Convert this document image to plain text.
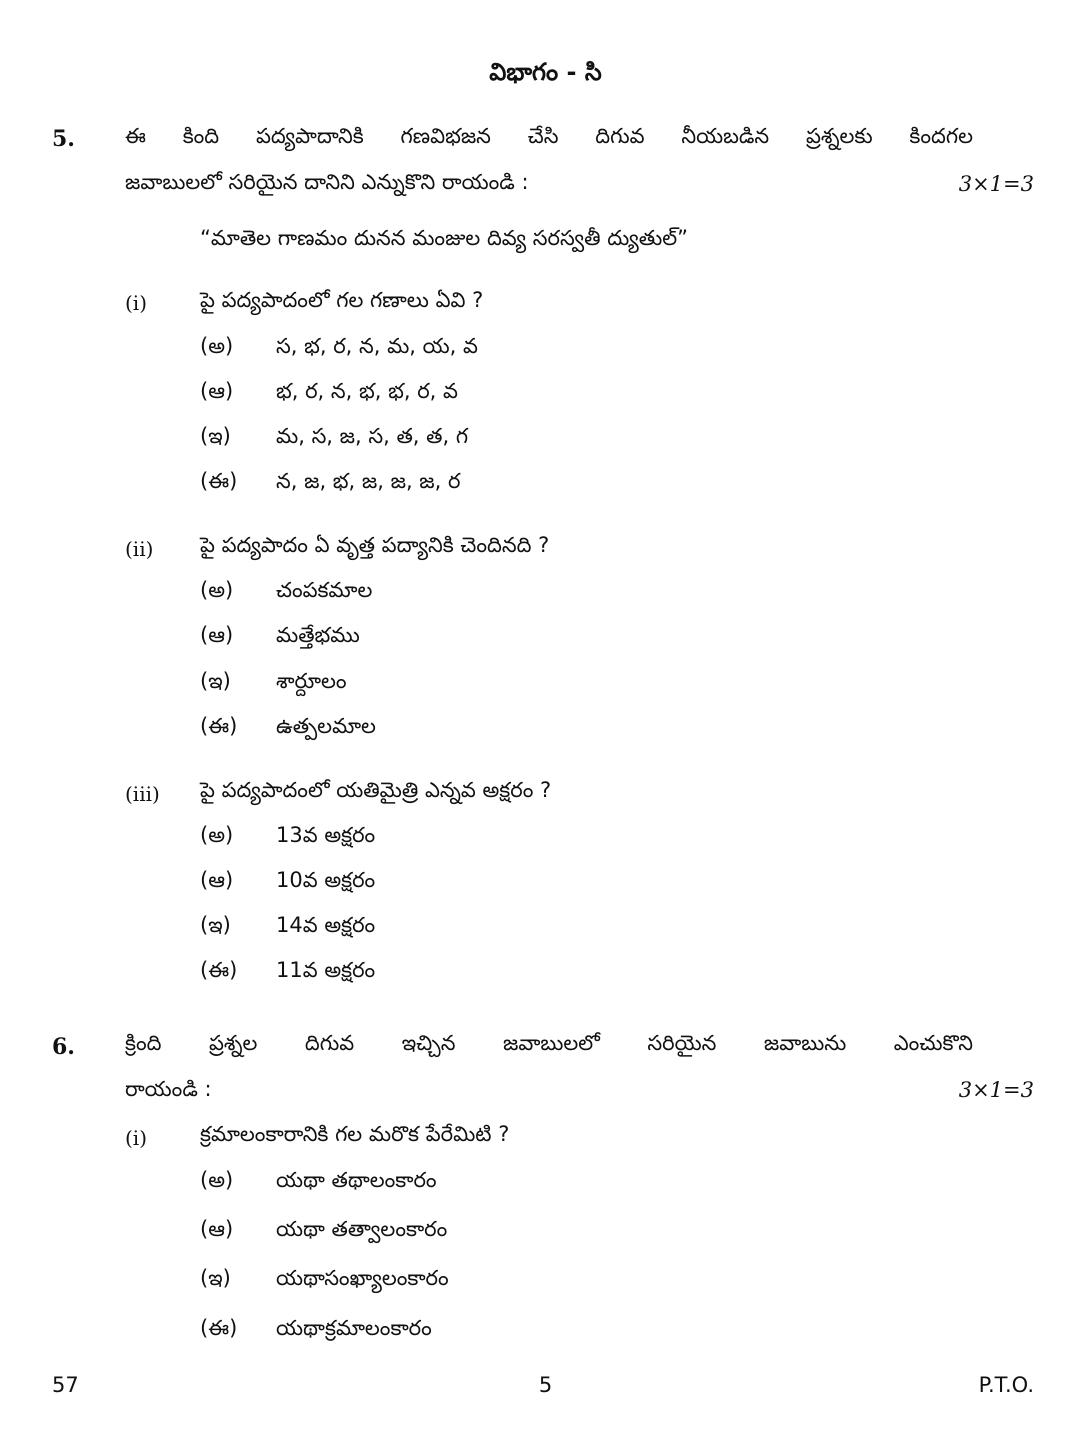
విభాగం - సి
5. ఈ కింది పద్యపాదానికి గణవిభజన చేసి దిగువ నీయబడిన ప్రశ్నలకు కిందగల
జవాబులలో సరియైన దానిని ఎన్నుకొని రాయండి :	3×1=3
“మాతెల గాణమం దునన మంజుల దివ్య సరస్వతీ ద్యుతుల్”
(i)	పై పద్యపాదంలో గల గణాలు ఏవి ?
(అ) స, భ, ర, న, మ, య, వ
(ఆ) భ, ర, న, భ, భ, ర, వ
(ఇ) మ, స, జ, స, త, త, గ
(ఈ) న, జ, భ, జ, జ, జ, ర
(ii) పై పద్యపాదం ఏ వృత్త పద్యానికి చెందినది ?
(అ) చంపకమాల
(ఆ) మత్తేభము
(ఇ) శార్దూలం
(ఈ) ఉత్పలమాల
(iii) పై పద్యపాదంలో యతిమైత్రి ఎన్నవ అక్షరం ?
(అ) 13వ అక్షరం
(ఆ) 10వ అక్షరం
(ఇ) 14వ అక్షరం
(ఈ) 11వ అక్షరం
6. క్రింది ప్రశ్నల దిగువ ఇచ్చిన జవాబులలో సరియైన జవాబును ఎంచుకొని
రాయండి :	3×1=3
(i)	క్రమాలంకారానికి గల మరొక పేరేమిటి ?
(అ) యథా తథాలంకారం
(ఆ) యథా తత్వాలంకారం
(ఇ) యథాసంఖ్యాలంకారం
(ఈ) యథాక్రమాలంకారం
57	5	P.T.O.
